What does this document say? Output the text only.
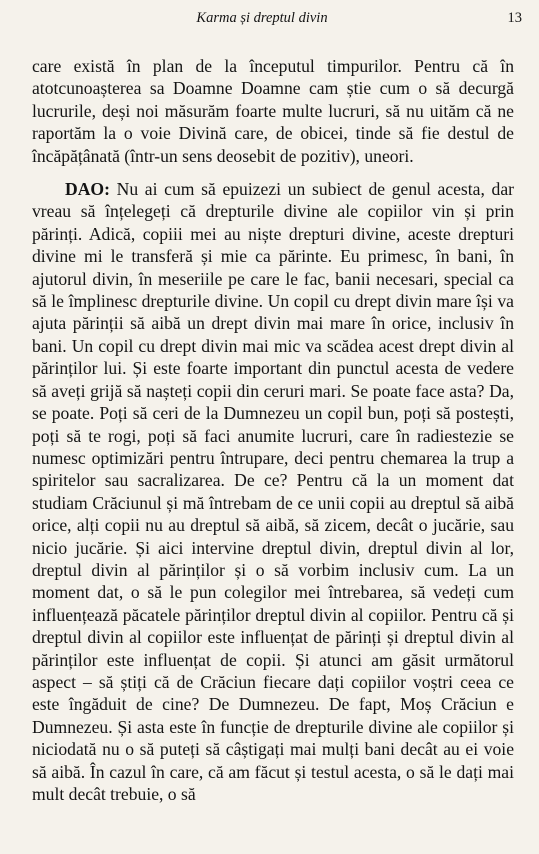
Karma și dreptul divin	13

care există în plan de la începutul timpurilor. Pentru că în atotcunoașterea sa Doamne Doamne cam știe cum o să decurgă lucrurile, deși noi măsurăm foarte multe lucruri, să nu uităm că ne raportăm la o voie Divină care, de obicei, tinde să fie destul de încăpățânată (într-un sens deosebit de pozitiv), uneori.

DAO: Nu ai cum să epuizezi un subiect de genul acesta, dar vreau să înțelegeți că drepturile divine ale copiilor vin și prin părinți. Adică, copiii mei au niște drepturi divine, aceste drepturi divine mi le transferă și mie ca părinte. Eu primesc, în bani, în ajutorul divin, în meseriile pe care le fac, banii necesari, special ca să le împlinesc drepturile divine. Un copil cu drept divin mare își va ajuta părinții să aibă un drept divin mai mare în orice, inclusiv în bani. Un copil cu drept divin mai mic va scădea acest drept divin al părinților lui. Și este foarte important din punctul acesta de vedere să aveți grijă să nașteți copii din ceruri mari. Se poate face asta? Da, se poate. Poți să ceri de la Dumnezeu un copil bun, poți să postești, poți să te rogi, poți să faci anumite lucruri, care în radiestezie se numesc optimizări pentru întrupare, deci pentru chemarea la trup a spiritelor sau sacralizarea. De ce? Pentru că la un moment dat studiam Crăciunul și mă întrebam de ce unii copii au dreptul să aibă orice, alți copii nu au dreptul să aibă, să zicem, decât o jucărie, sau nicio jucărie. Și aici intervine dreptul divin, dreptul divin al lor, dreptul divin al părinților și o să vorbim inclusiv cum. La un moment dat, o să le pun colegilor mei întrebarea, să vedeți cum influențează păcatele părinților dreptul divin al copiilor. Pentru că și dreptul divin al copiilor este influențat de părinți și dreptul divin al părinților este influențat de copii. Și atunci am găsit următorul aspect – să știți că de Crăciun fiecare dați copiilor voștri ceea ce este îngăduit de cine? De Dumnezeu. De fapt, Moș Crăciun e Dumnezeu. Și asta este în funcție de drepturile divine ale copiilor și niciodată nu o să puteți să câștigați mai mulți bani decât au ei voie să aibă. În cazul în care, că am făcut și testul acesta, o să le dați mai mult decât trebuie, o să
